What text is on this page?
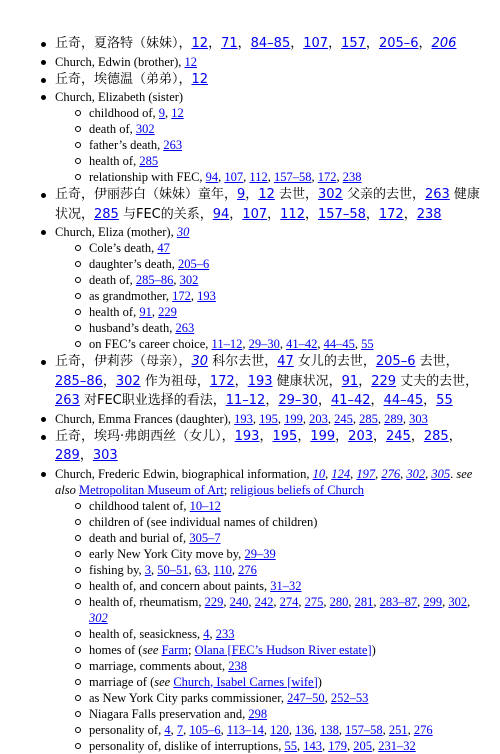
丘奇，夏洛特（妹妹），12，71，84–85，107，157，205–6，206
Church, Edwin (brother), 12
丘奇，埃德温（弟弟），12
Church, Elizabeth (sister)
childhood of, 9, 12
death of, 302
father’s death, 263
health of, 285
relationship with FEC, 94, 107, 112, 157–58, 172, 238
丘奇，伊丽莎白（妹妹）童年，9，12 去世，302 父亲的去世，263 健康状况，285 与FEC的关系，94，107，112，157–58，172，238
Church, Eliza (mother), 30
Cole’s death, 47
daughter’s death, 205–6
death of, 285–86, 302
as grandmother, 172, 193
health of, 91, 229
husband’s death, 263
on FEC’s career choice, 11–12, 29–30, 41–42, 44–45, 55
丘奇，伊莉莎（母亲），30 科尔去世，47 女儿的去世，205–6 去世，285–86，302 作为祖母，172，193 健康状况，91，229 丈夫的去世，263 对FEC职业选择的看法，11–12，29–30，41–42，44–45，55
Church, Emma Frances (daughter), 193, 195, 199, 203, 245, 285, 289, 303
丘奇，埃玛·弗朗西丝（女儿），193，195，199，203，245，285，289，303
Church, Frederic Edwin, biographical information, 10, 124, 197, 276, 302, 305. see also Metropolitan Museum of Art; religious beliefs of Church
childhood talent of, 10–12
children of (see individual names of children)
death and burial of, 305–7
early New York City move by, 29–39
fishing by, 3, 50–51, 63, 110, 276
health of, and concern about paints, 31–32
health of, rheumatism, 229, 240, 242, 274, 275, 280, 281, 283–87, 299, 302, 302
health of, seasickness, 4, 233
homes of (see Farm; Olana [FEC’s Hudson River estate])
marriage, comments about, 238
marriage of (see Church, Isabel Carnes [wife])
as New York City parks commissioner, 247–50, 252–53
Niagara Falls preservation and, 298
personality of, 4, 7, 105–6, 113–14, 120, 136, 138, 157–58, 251, 276
personality of, dislike of interruptions, 55, 143, 179, 205, 231–32
